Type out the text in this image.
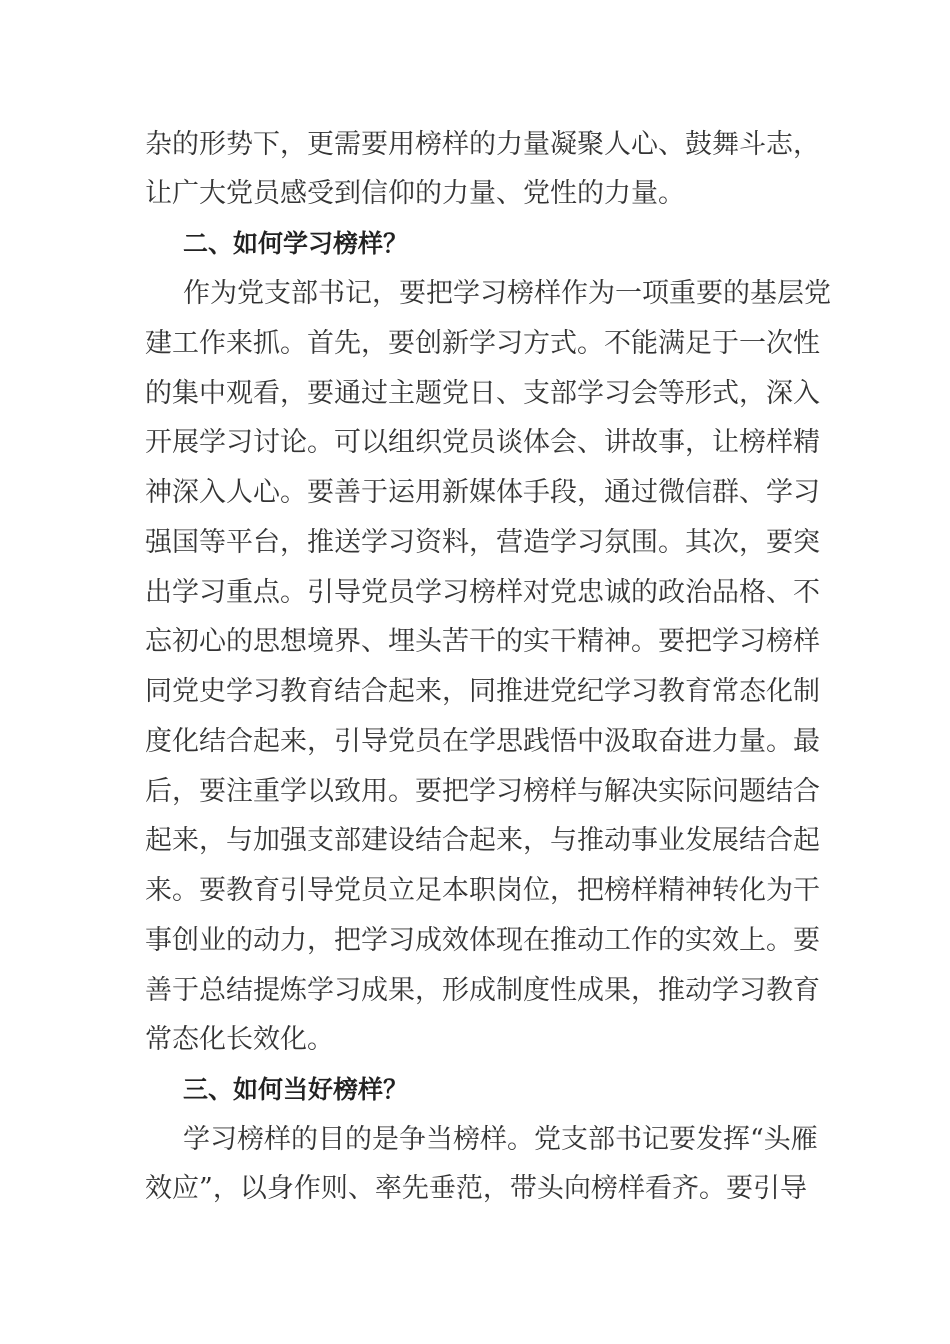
杂的形势下，更需要用榜样的力量凝聚人心、鼓舞斗志，
让广大党员感受到信仰的力量、党性的力量。
二、如何学习榜样？
作为党支部书记，要把学习榜样作为一项重要的基层党
建工作来抓。首先，要创新学习方式。不能满足于一次性
的集中观看，要通过主题党日、支部学习会等形式，深入
开展学习讨论。可以组织党员谈体会、讲故事，让榜样精
神深入人心。要善于运用新媒体手段，通过微信群、学习
强国等平台，推送学习资料，营造学习氛围。其次，要突
出学习重点。引导党员学习榜样对党忠诚的政治品格、不
忘初心的思想境界、埋头苦干的实干精神。要把学习榜样
同党史学习教育结合起来，同推进党纪学习教育常态化制
度化结合起来，引导党员在学思践悟中汲取奋进力量。最
后，要注重学以致用。要把学习榜样与解决实际问题结合
起来，与加强支部建设结合起来，与推动事业发展结合起
来。要教育引导党员立足本职岗位，把榜样精神转化为干
事创业的动力，把学习成效体现在推动工作的实效上。要
善于总结提炼学习成果，形成制度性成果，推动学习教育
常态化长效化。
三、如何当好榜样？
学习榜样的目的是争当榜样。党支部书记要发挥“头雁
效应”，以身作则、率先垂范，带头向榜样看齐。要引导
